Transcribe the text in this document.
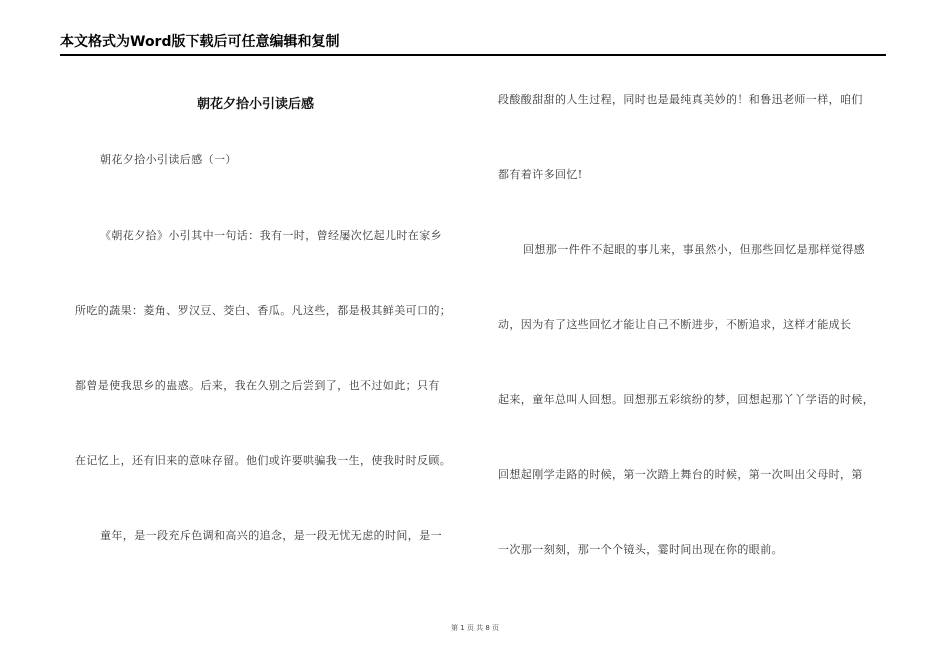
本文格式为Word版下载后可任意编辑和复制
朝花夕拾小引读后感
朝花夕拾小引读后感（一）
《朝花夕拾》小引其中一句话：我有一时，曾经屡次忆起儿时在家乡
所吃的蔬果：菱角、罗汉豆、茭白、香瓜。凡这些，都是极其鲜美可口的；
都曾是使我思乡的蛊惑。后来，我在久别之后尝到了，也不过如此；只有
在记忆上，还有旧来的意味存留。他们或许要哄骗我一生，使我时时反顾。
童年，是一段充斥色调和高兴的追念，是一段无忧无虑的时间，是一
段酸酸甜甜的人生过程，同时也是最纯真美妙的！和鲁迅老师一样，咱们
都有着许多回忆!
回想那一件件不起眼的事儿来，事虽然小，但那些回忆是那样觉得感
动，因为有了这些回忆才能让自己不断进步，不断追求，这样才能成长
起来，童年总叫人回想。回想那五彩缤纷的梦，回想起那丫丫学语的时候，
回想起刚学走路的时候，第一次踏上舞台的时候，第一次叫出父母时，第
一次那一刻刻，那一个个镜头，霎时间出现在你的眼前。
第 1 页 共 8 页
